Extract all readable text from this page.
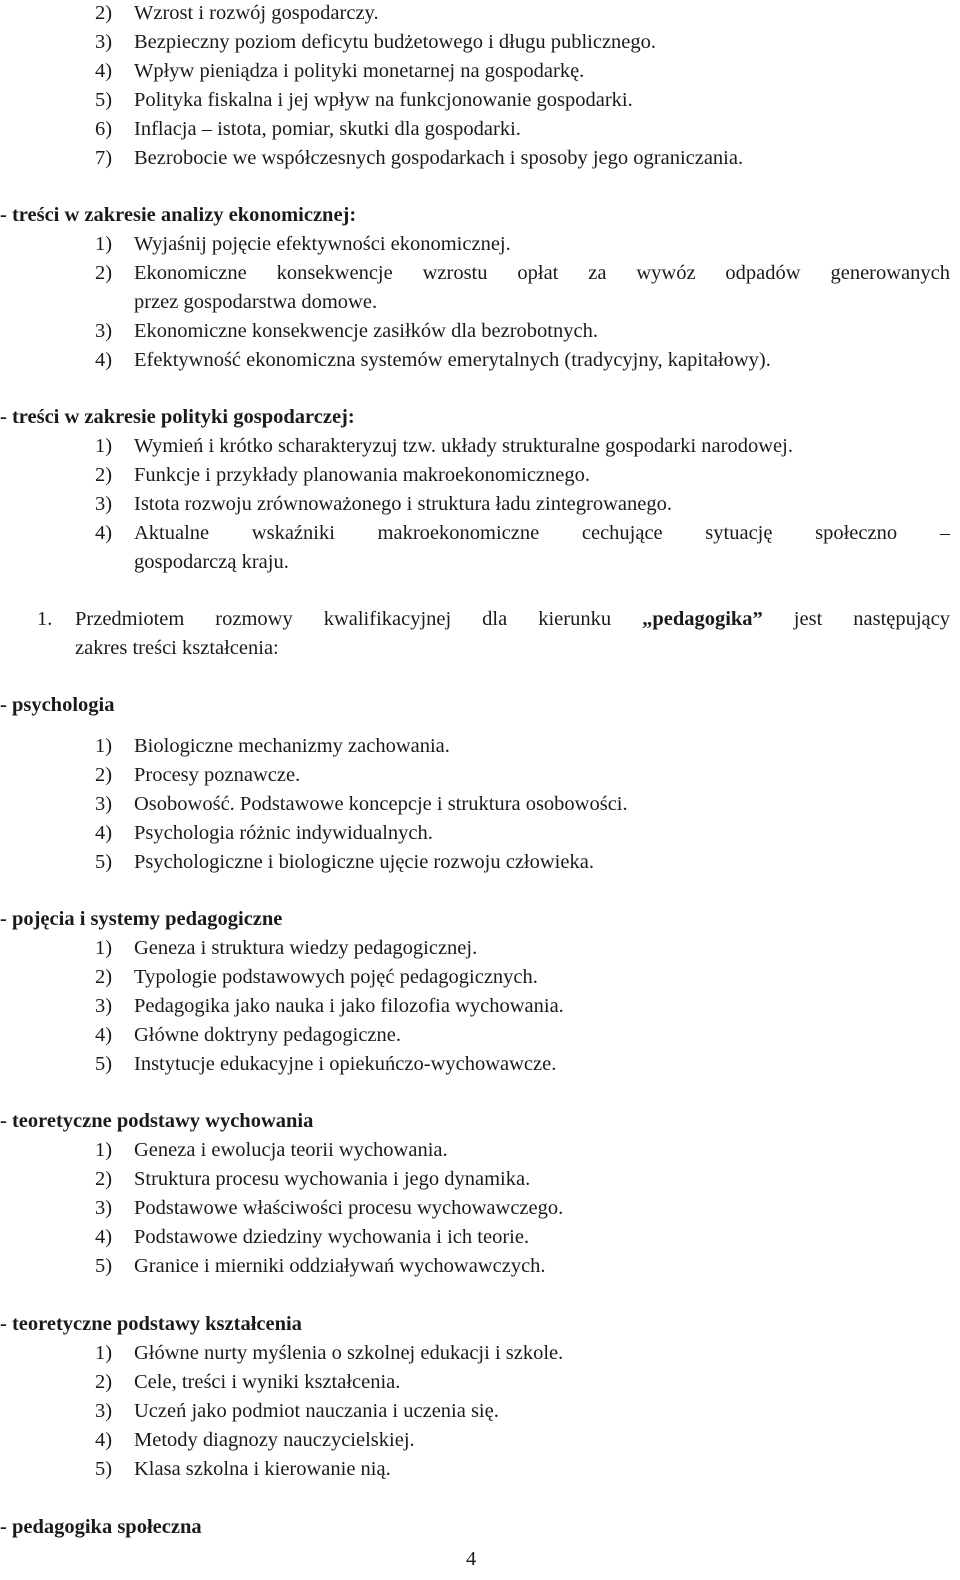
2) Wzrost i rozwój gospodarczy.
3) Bezpieczny poziom deficytu budżetowego i długu publicznego.
4) Wpływ pieniądza i polityki monetarnej na gospodarkę.
5) Polityka fiskalna i jej wpływ na funkcjonowanie gospodarki.
6) Inflacja – istota, pomiar, skutki dla gospodarki.
7) Bezrobocie we współczesnych gospodarkach i sposoby jego ograniczania.
- treści w zakresie analizy ekonomicznej:
1) Wyjaśnij pojęcie efektywności ekonomicznej.
2) Ekonomiczne konsekwencje wzrostu opłat za wywóz odpadów generowanych
przez gospodarstwa domowe.
3) Ekonomiczne konsekwencje zasiłków dla bezrobotnych.
4) Efektywność ekonomiczna systemów emerytalnych (tradycyjny, kapitałowy).
- treści w zakresie polityki gospodarczej:
1) Wymień i krótko scharakteryzuj tzw. układy strukturalne gospodarki narodowej.
2) Funkcje i przykłady planowania makroekonomicznego.
3) Istota rozwoju zrównoważonego i struktura ładu zintegrowanego.
4) Aktualne wskaźniki makroekonomiczne cechujące sytuację społeczno –
gospodarczą kraju.
1. Przedmiotem rozmowy kwalifikacyjnej dla kierunku „pedagogika” jest następujący
zakres treści kształcenia:
- psychologia
1) Biologiczne mechanizmy zachowania.
2) Procesy poznawcze.
3) Osobowość. Podstawowe koncepcje i struktura osobowości.
4) Psychologia różnic indywidualnych.
5) Psychologiczne i biologiczne ujęcie rozwoju człowieka.
- pojęcia i systemy pedagogiczne
1) Geneza i struktura wiedzy pedagogicznej.
2) Typologie podstawowych pojęć pedagogicznych.
3) Pedagogika jako nauka i jako filozofia wychowania.
4) Główne doktryny pedagogiczne.
5) Instytucje edukacyjne i opiekuńczo-wychowawcze.
- teoretyczne podstawy wychowania
1) Geneza i ewolucja teorii wychowania.
2) Struktura procesu wychowania i jego dynamika.
3) Podstawowe właściwości procesu wychowawczego.
4) Podstawowe dziedziny wychowania i ich teorie.
5) Granice i mierniki oddziaływań wychowawczych.
- teoretyczne podstawy kształcenia
1) Główne nurty myślenia o szkolnej edukacji i szkole.
2) Cele, treści i wyniki kształcenia.
3) Uczeń jako podmiot nauczania i uczenia się.
4) Metody diagnozy nauczycielskiej.
5) Klasa szkolna i kierowanie nią.
- pedagogika społeczna
4
